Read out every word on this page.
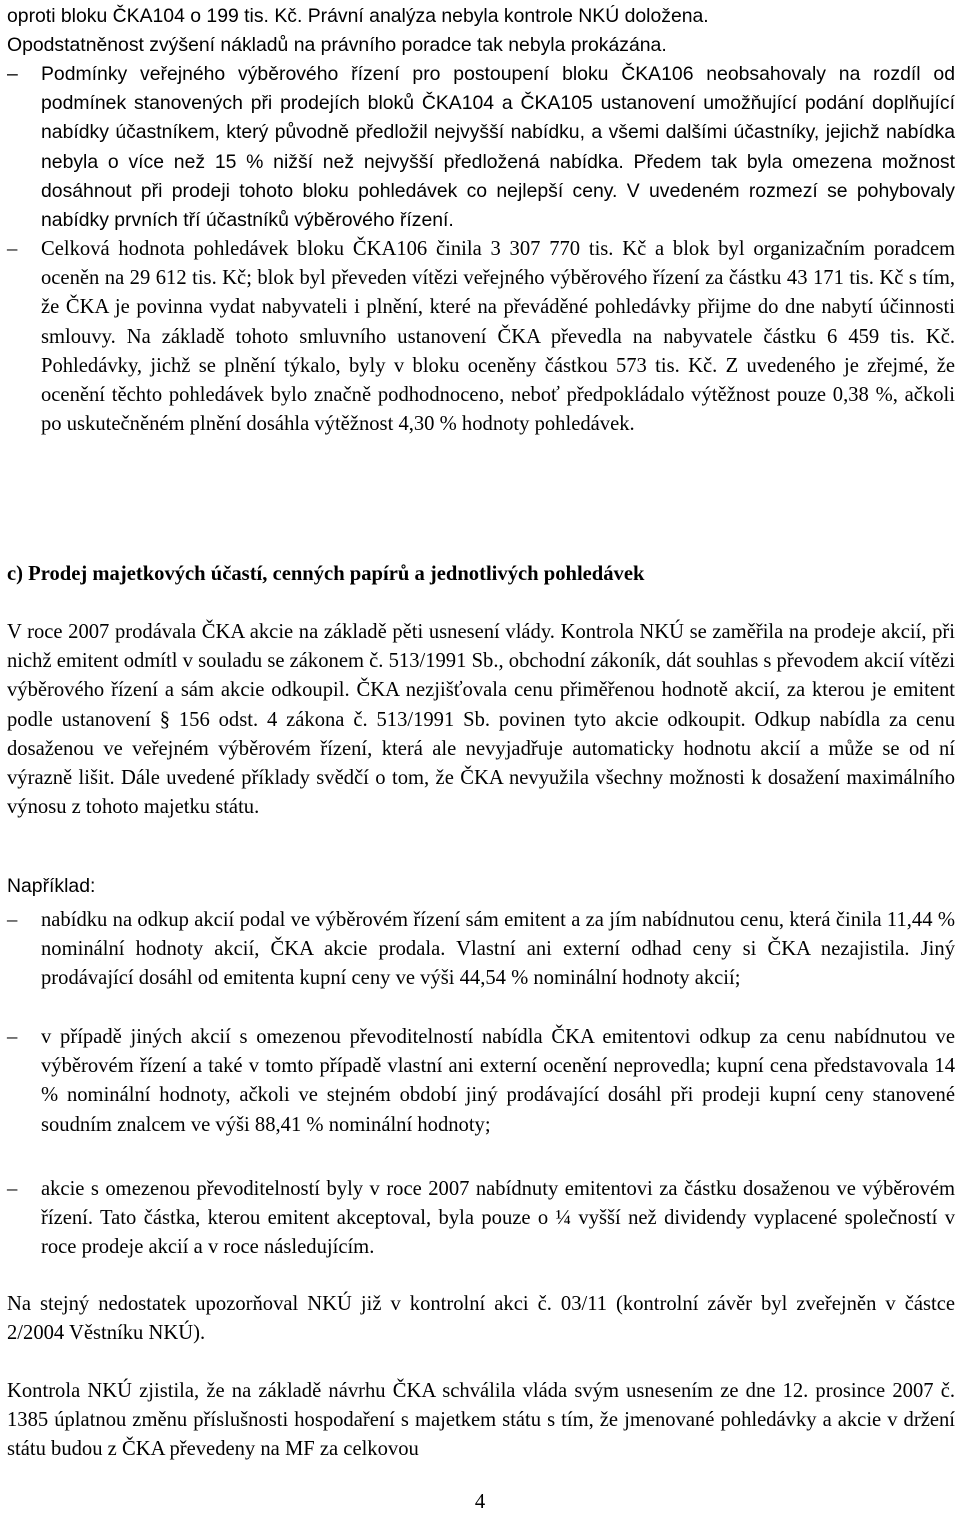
oproti bloku ČKA104 o 199 tis. Kč. Právní analýza nebyla kontrole NKÚ doložena.

Opodstatněnost zvýšení nákladů na právního poradce tak nebyla prokázána.

–	Podmínky veřejného výběrového řízení pro postoupení bloku ČKA106 neobsahovaly na rozdíl od podmínek stanovených při prodejích bloků ČKA104 a ČKA105 ustanovení umožňující podání doplňující nabídky účastníkem, který původně předložil nejvyšší nabídku, a všemi dalšími účastníky, jejichž nabídka nebyla o více než 15 % nižší než nejvyšší předložená nabídka. Předem tak byla omezena možnost dosáhnout při prodeji tohoto bloku pohledávek co nejlepší ceny. V uvedeném rozmezí se pohybovaly nabídky prvních tří účastníků výběrového řízení.
–	Celková hodnota pohledávek bloku ČKA106 činila 3 307 770 tis. Kč a blok byl organizačním poradcem oceněn na 29 612 tis. Kč; blok byl převeden vítězi veřejného výběrového řízení za částku 43 171 tis. Kč s tím, že ČKA je povinna vydat nabyvateli i plnění, které na převáděné pohledávky přijme do dne nabytí účinnosti smlouvy. Na základě tohoto smluvního ustanovení ČKA převedla na nabyvatele částku 6 459 tis. Kč. Pohledávky, jichž se plnění týkalo, byly v bloku oceněny částkou 573 tis. Kč. Z uvedeného je zřejmé, že ocenění těchto pohledávek bylo značně podhodnoceno, neboť předpokládalo výtěžnost pouze 0,38 %, ačkoli po uskutečněném plnění dosáhla výtěžnost 4,30 % hodnoty pohledávek.
c) Prodej majetkových účastí, cenných papírů a jednotlivých pohledávek

V roce 2007 prodávala ČKA akcie na základě pěti usnesení vlády. Kontrola NKÚ se zaměřila na prodeje akcií, při nichž emitent odmítl v souladu se zákonem č. 513/1991 Sb., obchodní zákoník, dát souhlas s převodem akcií vítězi výběrového řízení a sám akcie odkoupil. ČKA nezjišťovala cenu přiměřenou hodnotě akcií, za kterou je emitent podle ustanovení § 156 odst. 4 zákona č. 513/1991 Sb. povinen tyto akcie odkoupit. Odkup nabídla za cenu dosaženou ve veřejném výběrovém řízení, která ale nevyjadřuje automaticky hodnotu akcií a může se od ní výrazně lišit. Dále uvedené příklady svědčí o tom, že ČKA nevyužila všechny možnosti k dosažení maximálního výnosu z tohoto majetku státu.

Například:

–	nabídku na odkup akcií podal ve výběrovém řízení sám emitent a za jím nabídnutou cenu, která činila 11,44 % nominální hodnoty akcií, ČKA akcie prodala. Vlastní ani externí odhad ceny si ČKA nezajistila. Jiný prodávající dosáhl od emitenta kupní ceny ve výši 44,54 % nominální hodnoty akcií;
–	v případě jiných akcií s omezenou převoditelností nabídla ČKA emitentovi odkup za cenu nabídnutou ve výběrovém řízení a také v tomto případě vlastní ani externí ocenění neprovedla; kupní cena představovala 14 % nominální hodnoty, ačkoli ve stejném období jiný prodávající dosáhl při prodeji kupní ceny stanovené soudním znalcem ve výši 88,41 % nominální hodnoty;
–	akcie s omezenou převoditelností byly v roce 2007 nabídnuty emitentovi za částku dosaženou ve výběrovém řízení. Tato částka, kterou emitent akceptoval, byla pouze o ¼ vyšší než dividendy vyplacené společností v roce prodeje akcií a v roce následujícím.

Na stejný nedostatek upozorňoval NKÚ již v kontrolní akci č. 03/11 (kontrolní závěr byl zveřejněn v částce 2/2004 Věstníku NKÚ).

Kontrola NKÚ zjistila, že na základě návrhu ČKA schválila vláda svým usnesením ze dne 12. prosince 2007 č. 1385 úplatnou změnu příslušnosti hospodaření s majetkem státu s tím, že jmenované pohledávky a akcie v držení státu budou z ČKA převedeny na MF za celkovou

4
